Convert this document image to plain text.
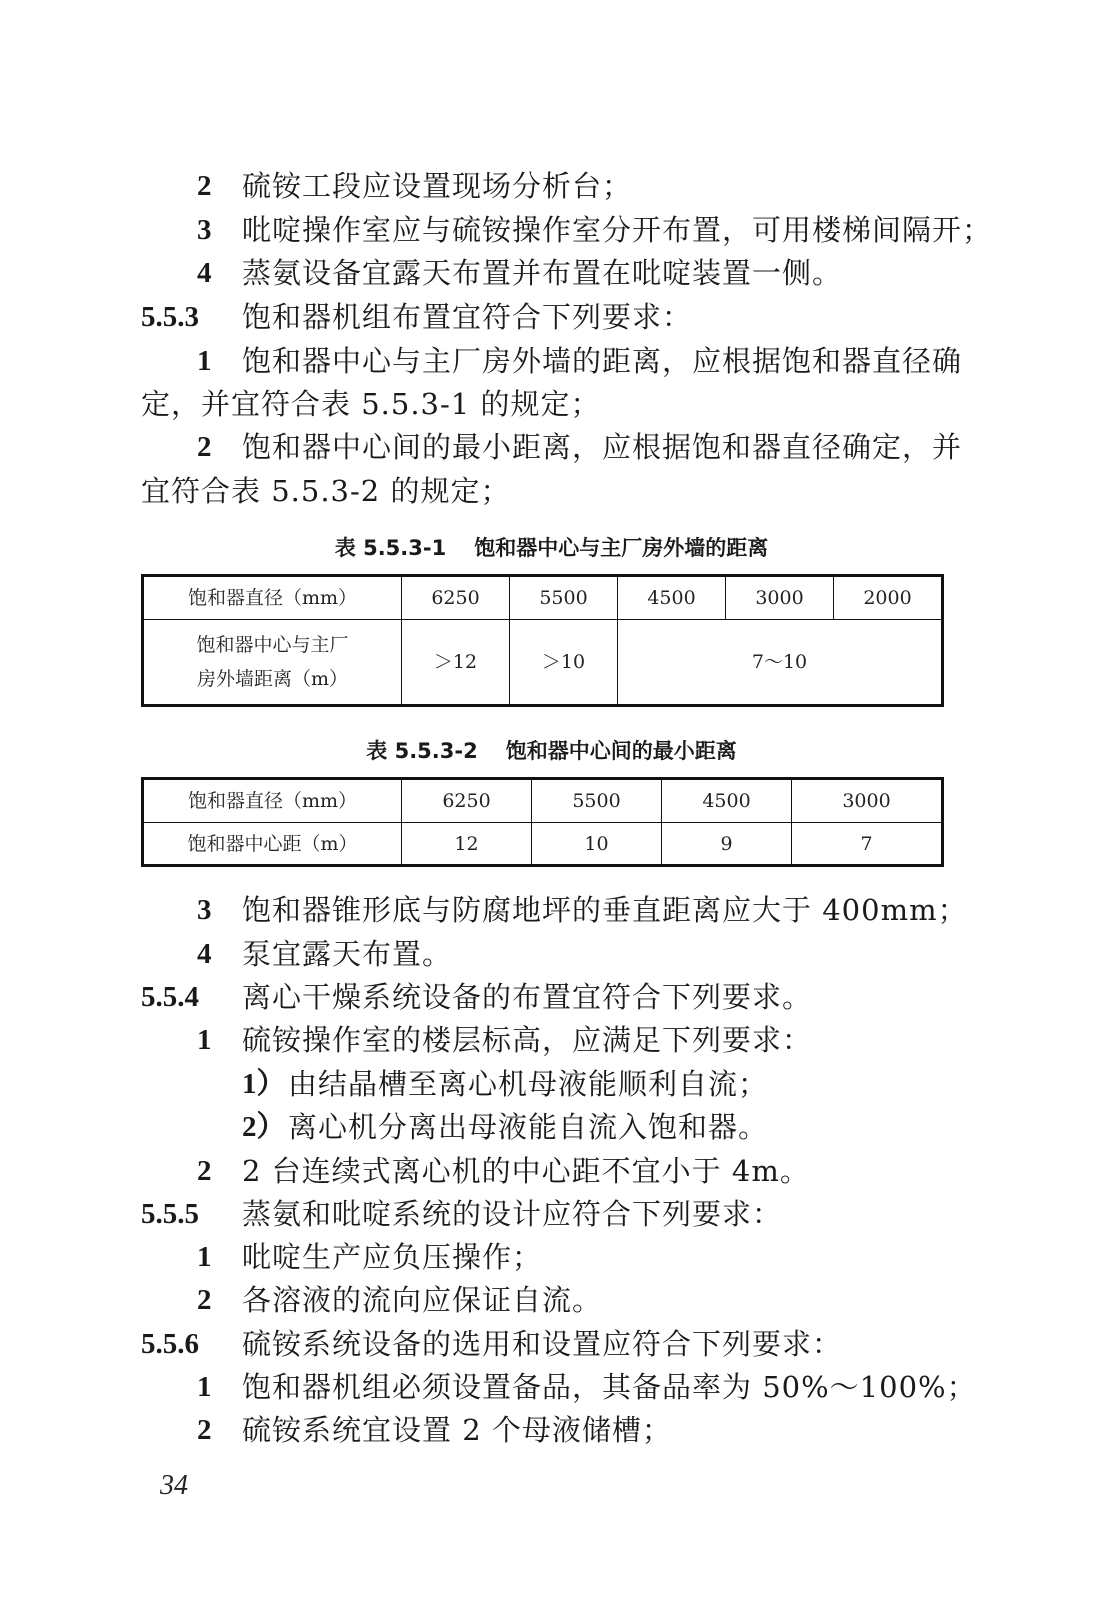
2 硫铵工段应设置现场分析台；
3 吡啶操作室应与硫铵操作室分开布置，可用楼梯间隔开；
4 蒸氨设备宜露天布置并布置在吡啶装置一侧。
5.5.3 饱和器机组布置宜符合下列要求：
1 饱和器中心与主厂房外墙的距离，应根据饱和器直径确
定，并宜符合表 5.5.3-1 的规定；
2 饱和器中心间的最小距离，应根据饱和器直径确定，并
宜符合表 5.5.3-2 的规定；
表 5.5.3-1 饱和器中心与主厂房外墙的距离
饱和器直径（mm）	6250	5500	4500	3000	2000

饱和器中心与主厂
房外墙距离（m）	＞12	＞10	7～10		
表 5.5.3-2 饱和器中心间的最小距离
饱和器直径（mm）	6250	5500	4500	3000
饱和器中心距（m）	12	10	9	7
3 饱和器锥形底与防腐地坪的垂直距离应大于 400mm；
4 泵宜露天布置。
5.5.4 离心干燥系统设备的布置宜符合下列要求。
1 硫铵操作室的楼层标高，应满足下列要求：
1） 由结晶槽至离心机母液能顺利自流；
2） 离心机分离出母液能自流入饱和器。
2 2 台连续式离心机的中心距不宜小于 4m。
5.5.5 蒸氨和吡啶系统的设计应符合下列要求：
1 吡啶生产应负压操作；
2 各溶液的流向应保证自流。
5.5.6 硫铵系统设备的选用和设置应符合下列要求：
1 饱和器机组必须设置备品，其备品率为 50%～100%；
2 硫铵系统宜设置 2 个母液储槽；
34
